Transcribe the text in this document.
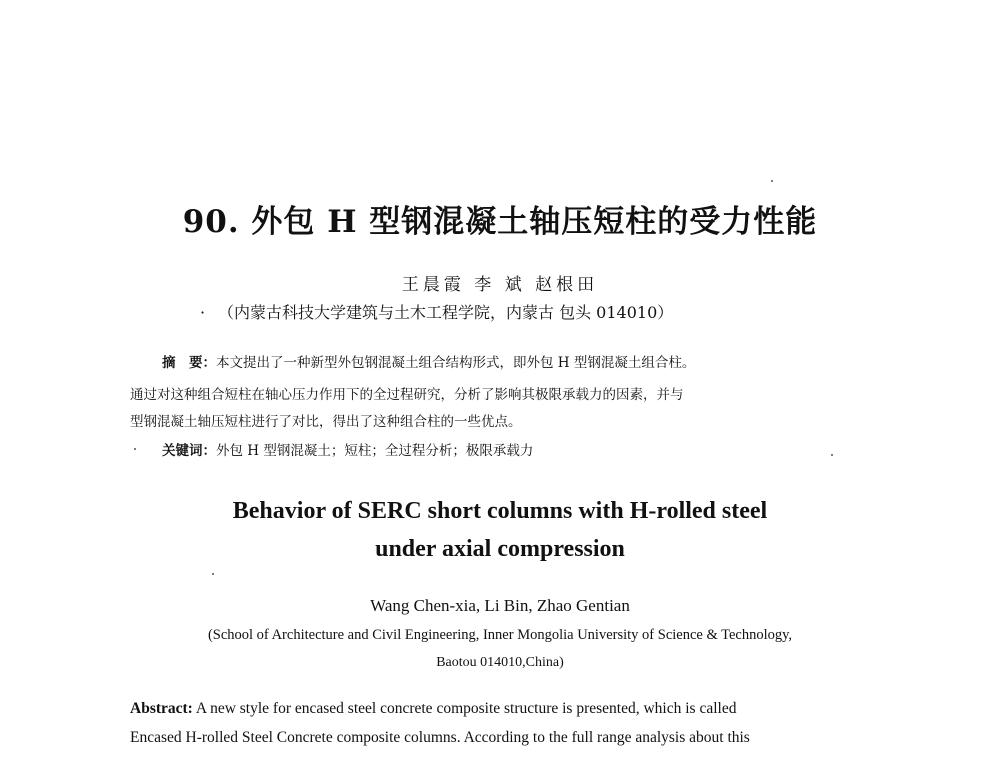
90. 外包 H 型钢混凝土轴压短柱的受力性能
王晨霞 李 斌 赵根田
· （内蒙古科技大学建筑与土木工程学院，内蒙古 包头 014010）
摘　要：本文提出了一种新型外包钢混凝土组合结构形式，即外包 H 型钢混凝土组合柱。
通过对这种组合短柱在轴心压力作用下的全过程研究，分析了影响其极限承载力的因素，并与
型钢混凝土轴压短柱进行了对比，得出了这种组合柱的一些优点。
关键词：外包 H 型钢混凝土；短柱；全过程分析；极限承载力
Behavior of SERC short columns with H-rolled steel
under axial compression
Wang Chen-xia, Li Bin, Zhao Gentian
(School of Architecture and Civil Engineering, Inner Mongolia University of Science & Technology,
Baotou 014010,China)
Abstract: A new style for encased steel concrete composite structure is presented, which is called
Encased H-rolled Steel Concrete composite columns. According to the full range analysis about this
